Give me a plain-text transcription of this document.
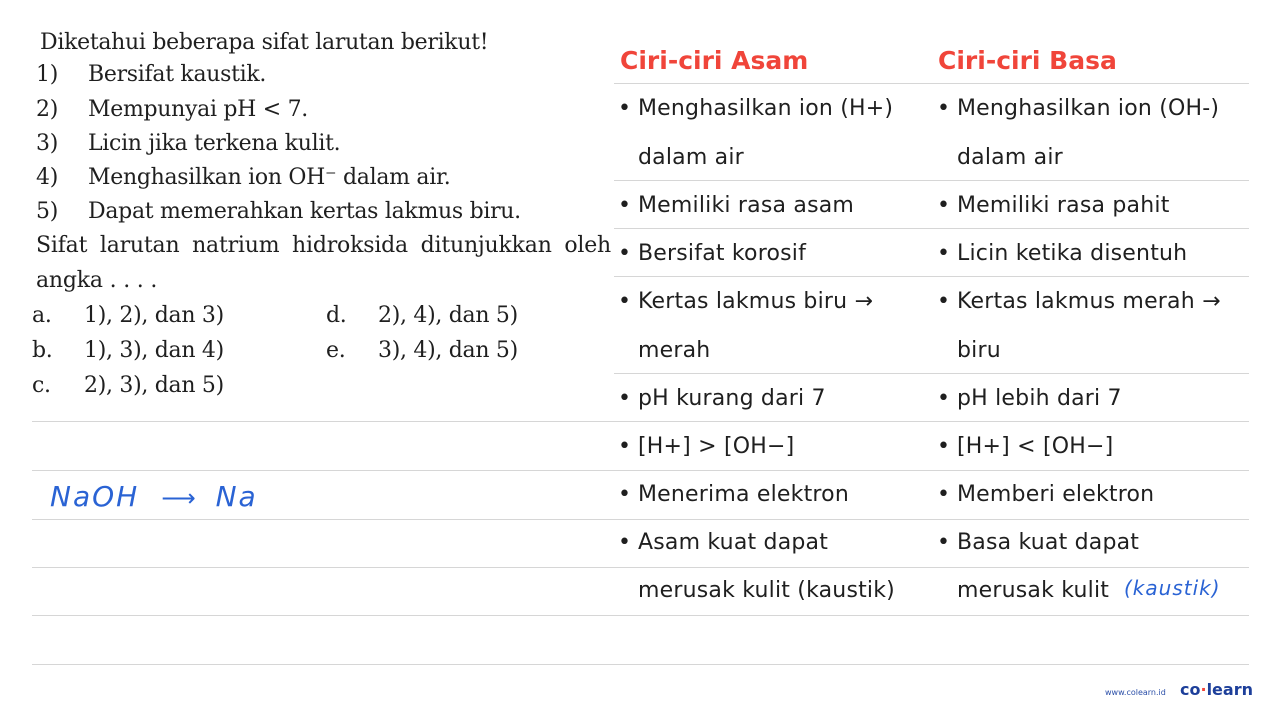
Diketahui beberapa sifat larutan berikut!
1) Bersifat kaustik.
2) Mempunyai pH < 7.
3) Licin jika terkena kulit.
4) Menghasilkan ion OH⁻ dalam air.
5) Dapat memerahkan kertas lakmus biru.
Sifat larutan natrium hidroksida ditunjukkan oleh angka . . . .
a. 1), 2), dan 3)
b. 1), 3), dan 4)
c. 2), 3), dan 5)
d. 2), 4), dan 5)
e. 3), 4), dan 5)
NaOH ⟶ Na
(kaustik)
Ciri-ciri Asam	Ciri-ciri Basa
• Menghasilkan ion (H+) • Menghasilkan ion (OH-)
dalam air	dalam air
• Memiliki rasa asam	• Memiliki rasa pahit
• Bersifat korosif	• Licin ketika disentuh
• Kertas lakmus biru →	• Kertas lakmus merah →
merah	biru
• pH kurang dari 7	• pH lebih dari 7
• [H+] > [OH−]	• [H+] < [OH−]
• Menerima elektron	• Memberi elektron
• Asam kuat dapat	• Basa kuat dapat
merusak kulit (kaustik)	merusak kulit
www.colearn.id co·learn
